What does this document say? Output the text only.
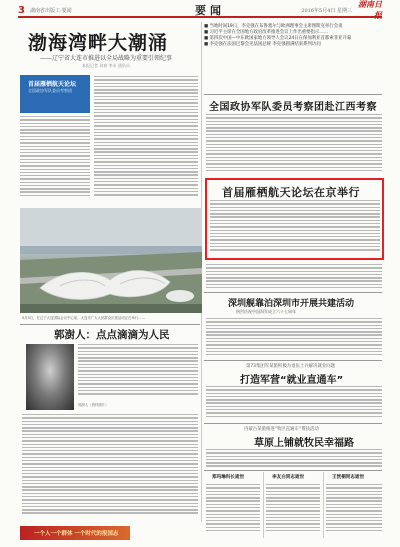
3	湖南省出版工·要闻	要闻	2016年5月4日 星期三
湖南日报
渤海湾畔大潮涌
——辽宁省大连市推进以全局战略为重要引领纪事
本报记者 刘春 李永 通讯员
首届雁栖航天论坛
全国政协军队委员考察团
5月3日，在辽宁大连国际会议中心前，大连市广大人民群众庆祝活动正在举行……
郭澍人：点点滴滴为人民
郭澍人（资料照片）
一个人一个群体 一个时代的报国志
■ 当地时间19日，李克强在布鲁塞尔与欧洲理事会主席图斯克举行会谈
■ 习近平主席在全国地方政府改革推进会议上作出重要指示……
■ 第四次中国—中东欧国家地方领导人会议24日在保加利亚首都索菲亚开幕
■ 李克强在法国巴黎会见法国总统 李克强圆满结束系列访问
全国政协军队委员考察团赴江西考察
首届雁栖航天论坛在京举行
深圳舰靠泊深圳市开展共建活动
热烈庆祝中国海军成立六十七周年
第73集团军某旅积极为退伍士兵解决就业问题
打造军营“就业直通车”
内蒙古某旅推进“牧区直通车”帮扶活动
草原上铺就牧民幸福路
郑玛琳科长逝世	李友白同志逝世	王恍桐同志逝世
